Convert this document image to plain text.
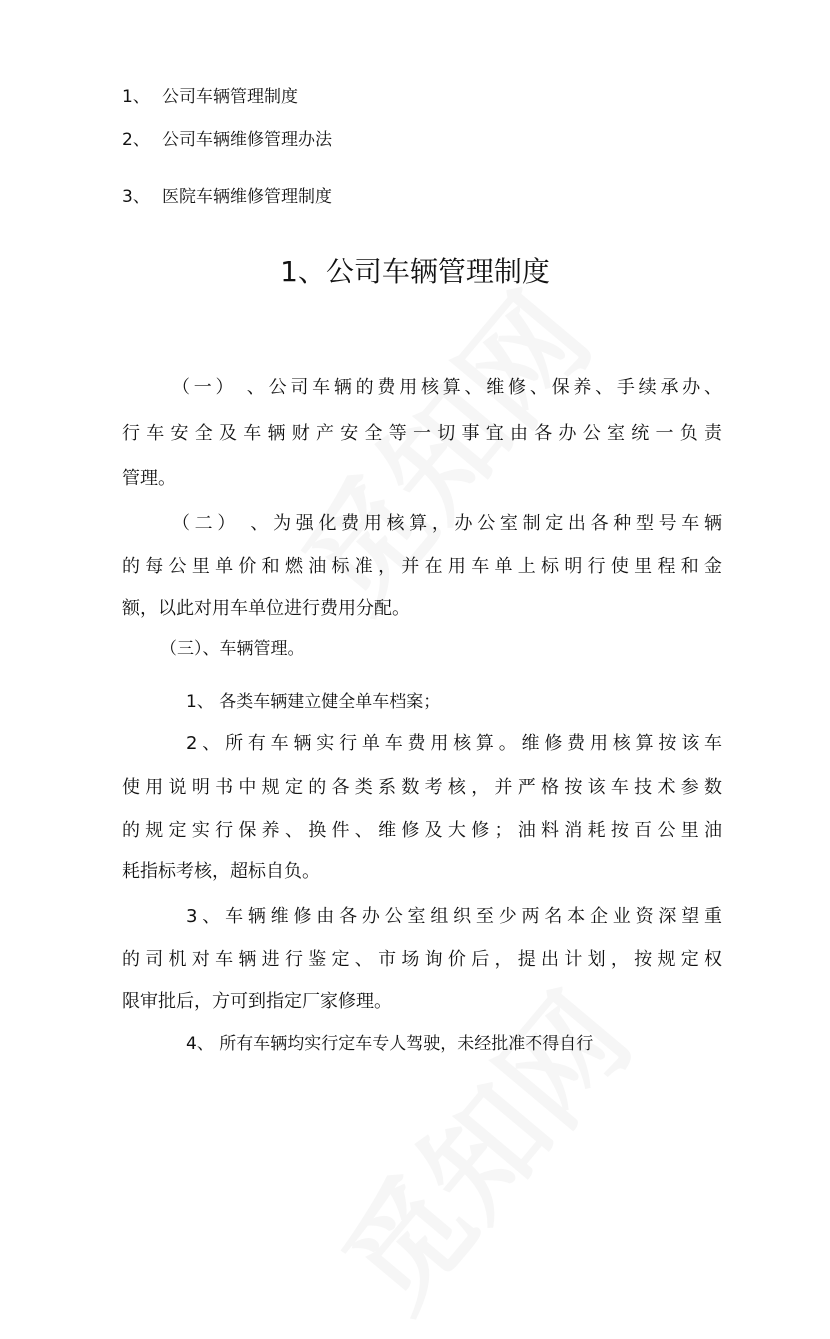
1、 公司车辆管理制度
2、 公司车辆维修管理办法
3、 医院车辆维修管理制度
1、公司车辆管理制度
（一） 、公司车辆的费用核算、维修、保养、手续承办、
行车安全及车辆财产安全等一切事宜由各办公室统一负责
管理。
（二） 、为强化费用核算，办公室制定出各种型号车辆
的每公里单价和燃油标准，并在用车单上标明行使里程和金
额，以此对用车单位进行费用分配。
（三）、车辆管理。
1、 各类车辆建立健全单车档案；
2、所有车辆实行单车费用核算。维修费用核算按该车
使用说明书中规定的各类系数考核，并严格按该车技术参数
的规定实行保养、换件、维修及大修；油料消耗按百公里油
耗指标考核，超标自负。
3、车辆维修由各办公室组织至少两名本企业资深望重
的司机对车辆进行鉴定、市场询价后，提出计划，按规定权
限审批后，方可到指定厂家修理。
4、 所有车辆均实行定车专人驾驶，未经批准不得自行
